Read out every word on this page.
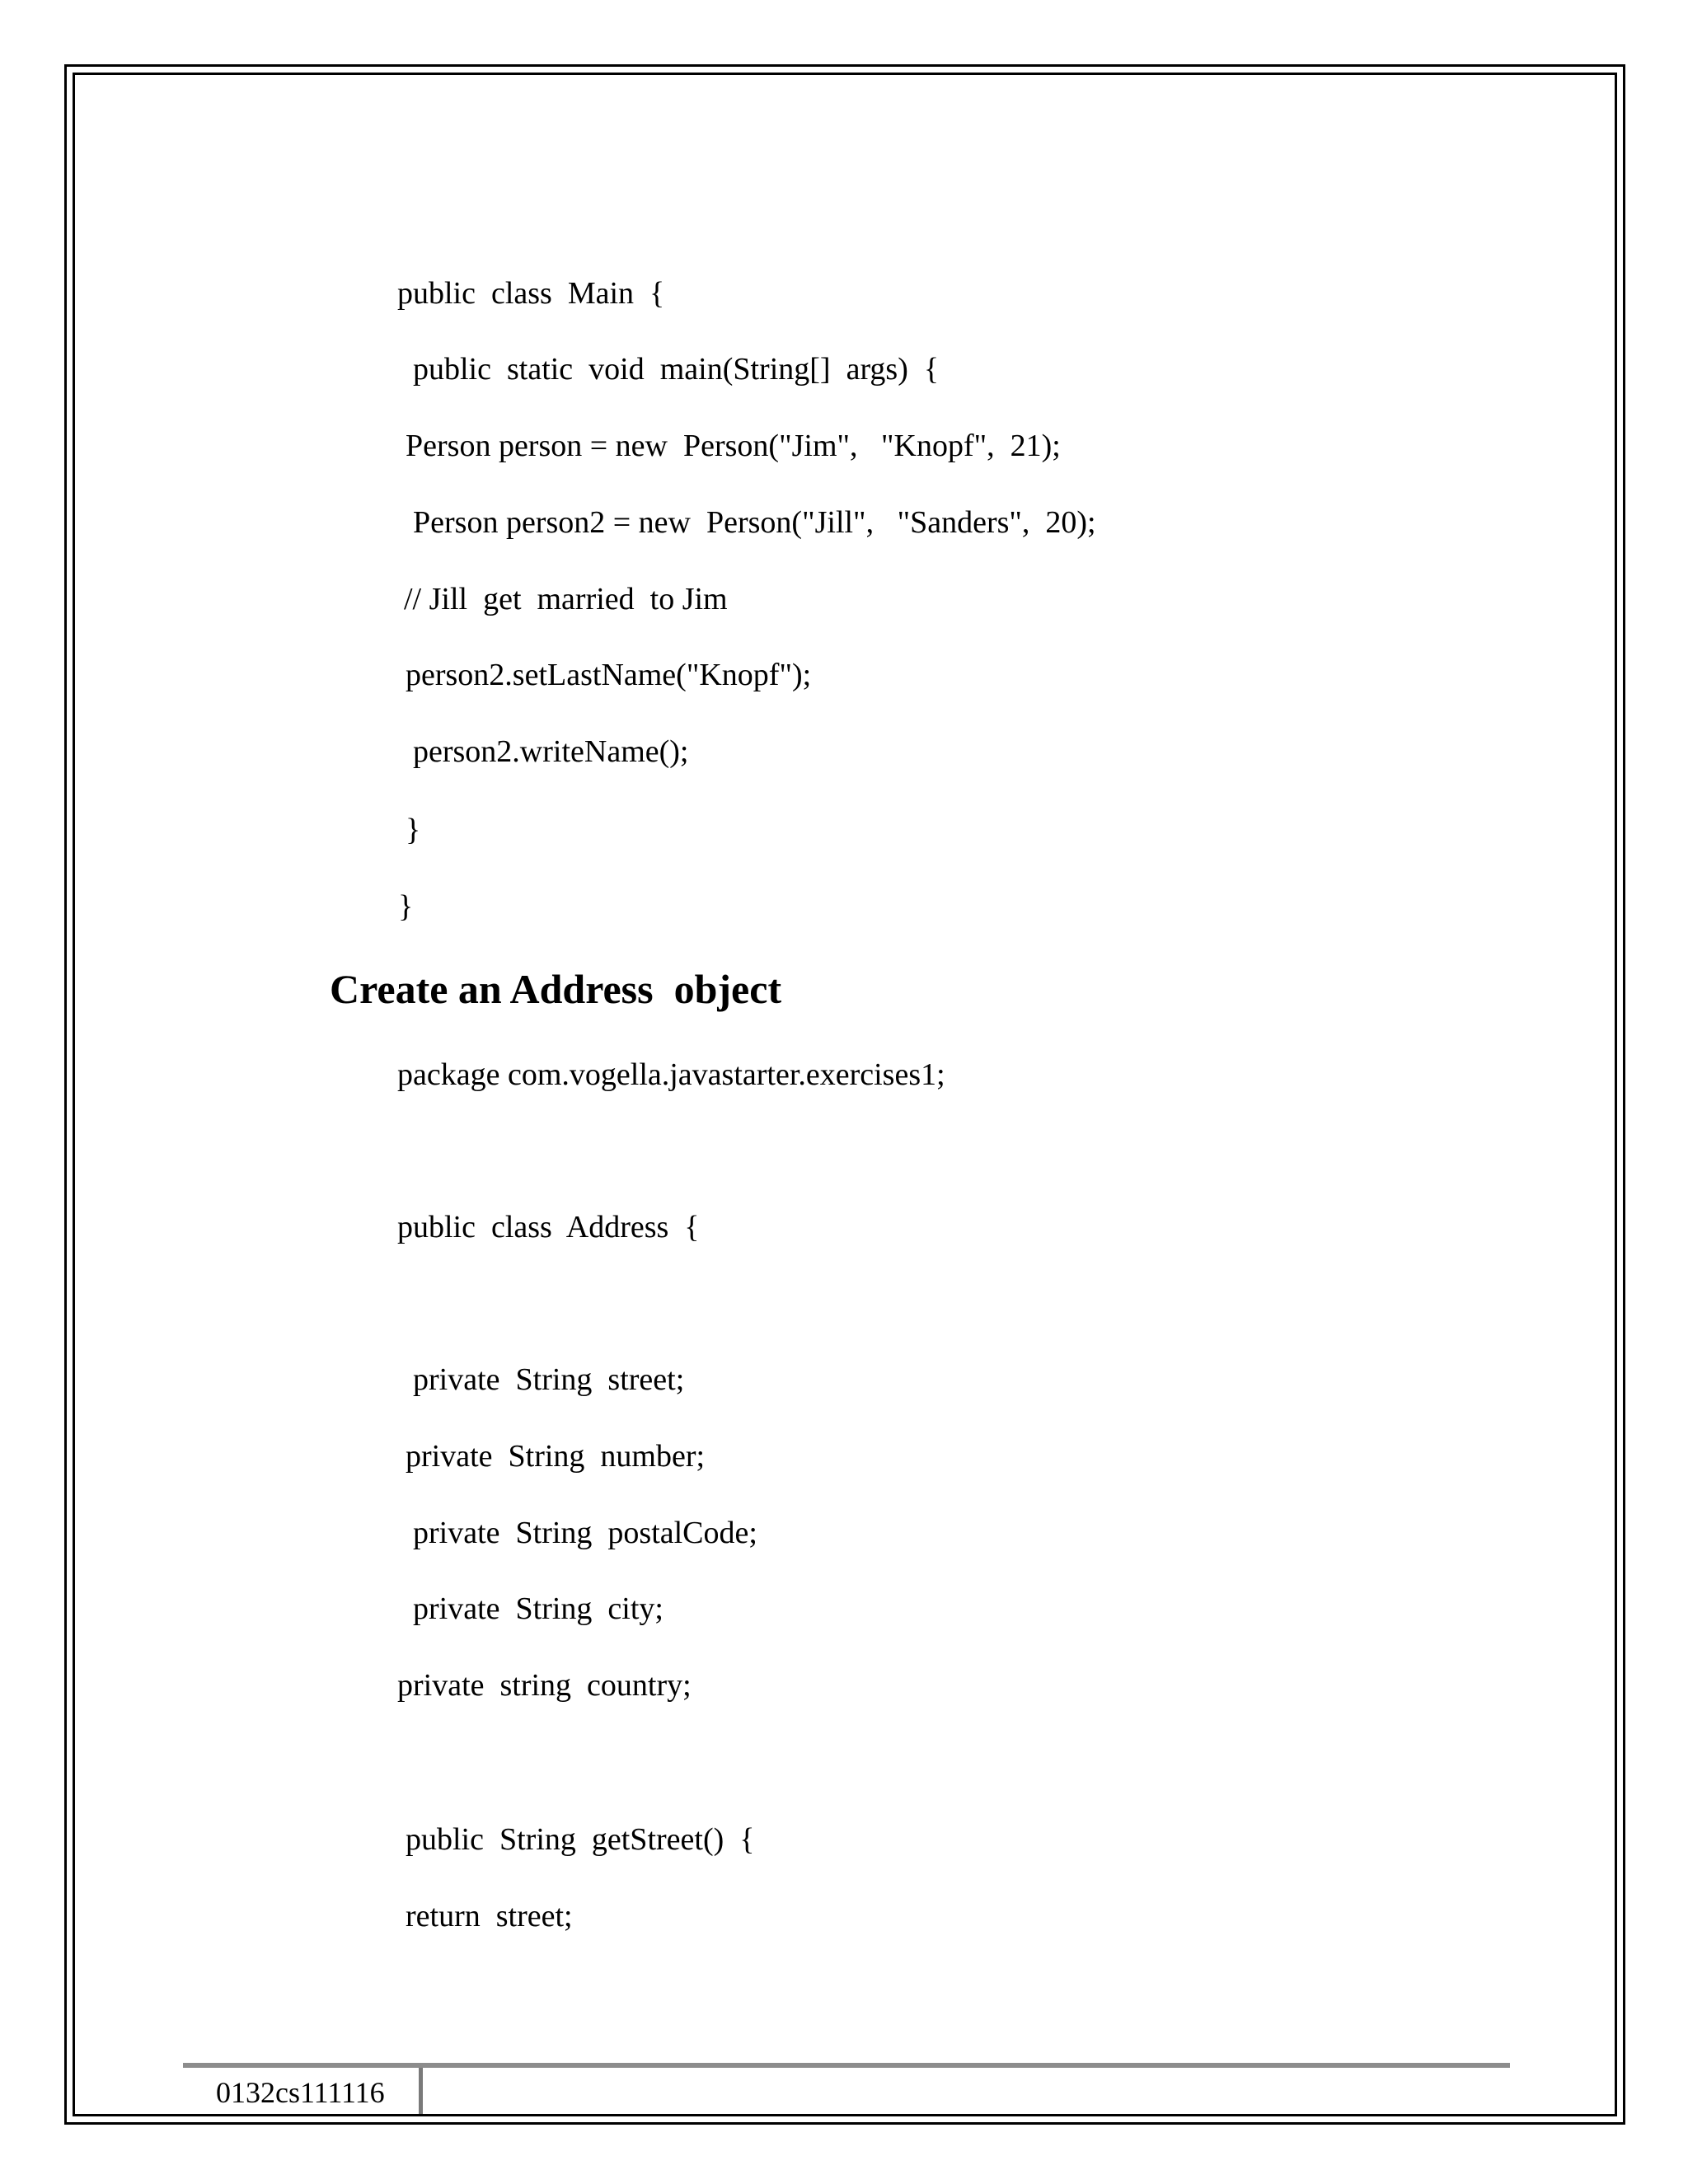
public  class  Main  {
public  static  void  main(String[]  args)  {
Person person = new  Person("Jim",   "Knopf",  21);
Person person2 = new  Person("Jill",   "Sanders",  20);
// Jill  get  married  to Jim
person2.setLastName("Knopf");
person2.writeName();
}
}
Create an Address  object
package com.vogella.javastarter.exercises1;
public  class  Address  {
private  String  street;
private  String  number;
private  String  postalCode;
private  String  city;
private  string  country;
public  String  getStreet()  {
return  street;
0132cs111116
